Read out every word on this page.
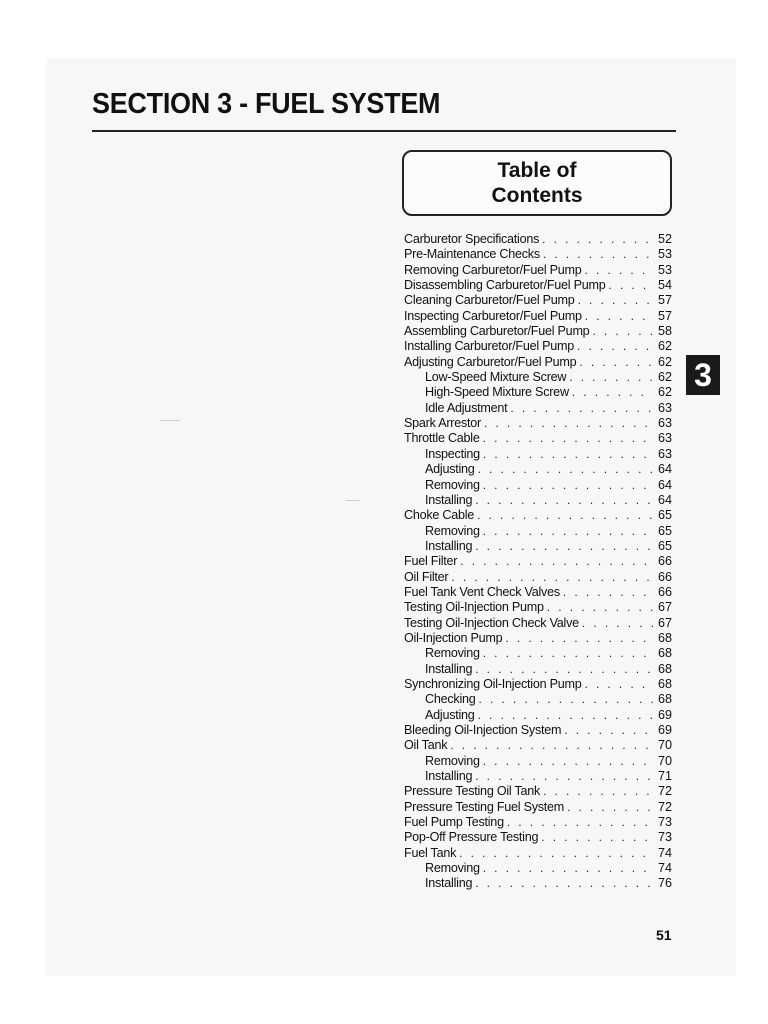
SECTION 3 - FUEL SYSTEM
Table of
Contents
Carburetor Specifications . . .	52
Pre-Maintenance Checks . . .	53
Removing Carburetor/Fuel Pump . . .	53
Disassembling Carburetor/Fuel Pump . . .	54
Cleaning Carburetor/Fuel Pump . . .	57
Inspecting Carburetor/Fuel Pump . . .	57
Assembling Carburetor/Fuel Pump . . .	58
Installing Carburetor/Fuel Pump . . .	62
Adjusting Carburetor/Fuel Pump . . .	62
Low-Speed Mixture Screw . . .	62
High-Speed Mixture Screw . . .	62
Idle Adjustment . . .	63
Spark Arrestor . . .	63
Throttle Cable . . .	63
Inspecting . . .	63
Adjusting . . .	64
Removing . . .	64
Installing . . .	64
Choke Cable . . .	65
Removing . . .	65
Installing . . .	65
Fuel Filter . . .	66
Oil Filter . . .	66
Fuel Tank Vent Check Valves . . .	66
Testing Oil-Injection Pump . . .	67
Testing Oil-Injection Check Valve . . .	67
Oil-Injection Pump . . .	68
Removing . . .	68
Installing . . .	68
Synchronizing Oil-Injection Pump . . .	68
Checking . . .	68
Adjusting . . .	69
Bleeding Oil-Injection System . . .	69
Oil Tank . . .	70
Removing . . .	70
Installing . . .	71
Pressure Testing Oil Tank . . .	72
Pressure Testing Fuel System . . .	72
Fuel Pump Testing . . .	73
Pop-Off Pressure Testing . . .	73
Fuel Tank . . .	74
Removing . . .	74
Installing . . .	76
3
51
